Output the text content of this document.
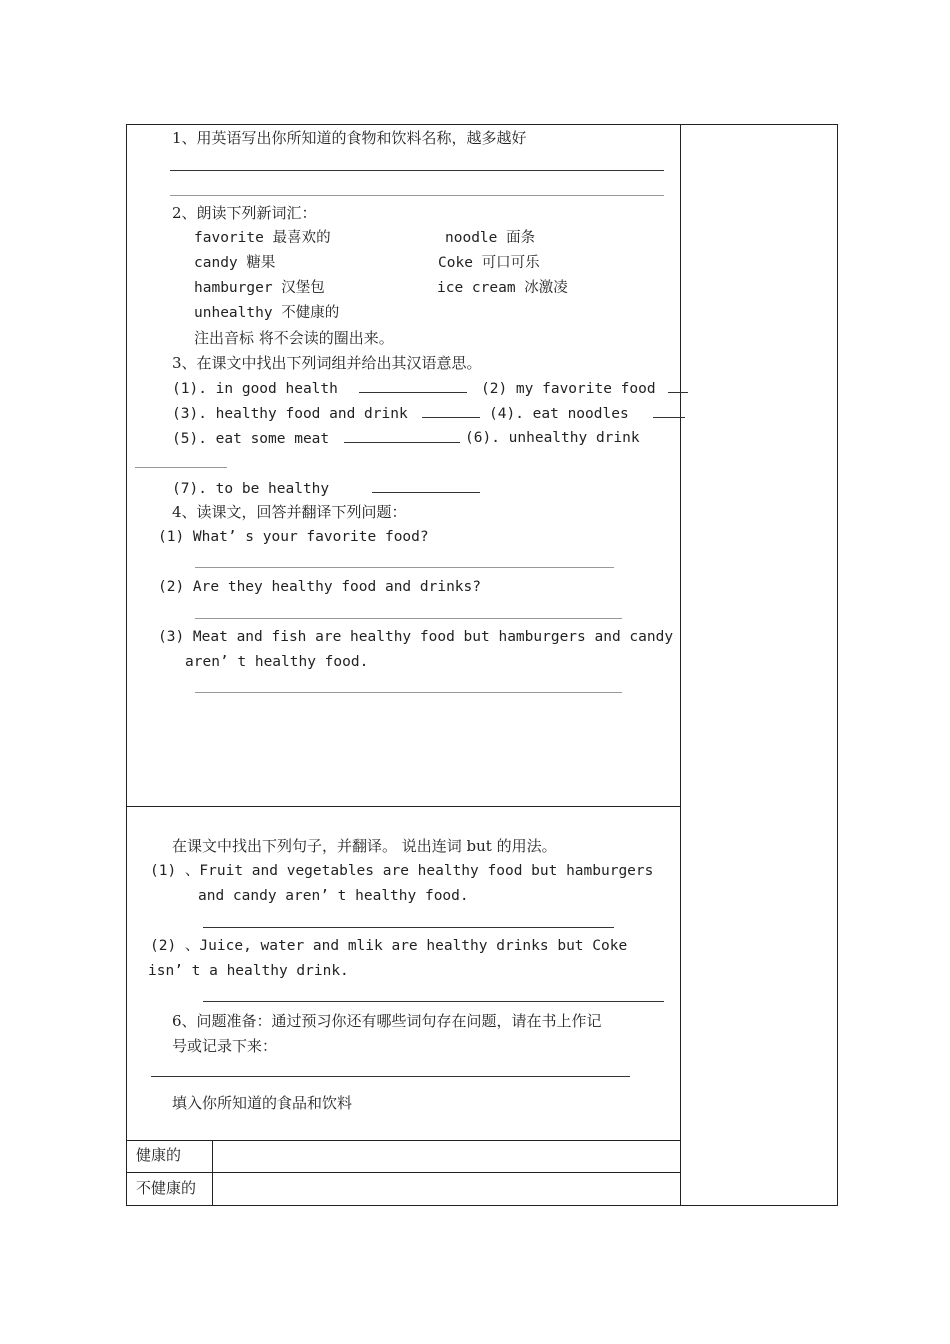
1、用英语写出你所知道的食物和饮料名称，越多越好
2、朗读下列新词汇：
favorite 最喜欢的	noodle 面条
candy 糖果	Coke 可口可乐
hamburger 汉堡包	ice cream 冰激凌
unhealthy 不健康的
注出音标 将不会读的圈出来。
3、在课文中找出下列词组并给出其汉语意思。
(1). in good health	(2) my favorite food
(3). healthy food and drink	(4). eat noodles
(5). eat some meat	(6). unhealthy drink
(7). to be healthy
4、读课文，回答并翻译下列问题：
(1) What’ s your favorite food?
(2) Are they healthy food and drinks?
(3) Meat and fish are healthy food but hamburgers and candy
aren’ t healthy food.
在课文中找出下列句子，并翻译。 说出连词 but 的用法。
(1) 、Fruit and vegetables are healthy food but hamburgers
and candy aren’ t healthy food.
(2) 、Juice, water and mlik are healthy drinks but Coke
isn’ t a healthy drink.
6、问题准备：通过预习你还有哪些词句存在问题，请在书上作记
号或记录下来：
填入你所知道的食品和饮料
健康的
不健康的
